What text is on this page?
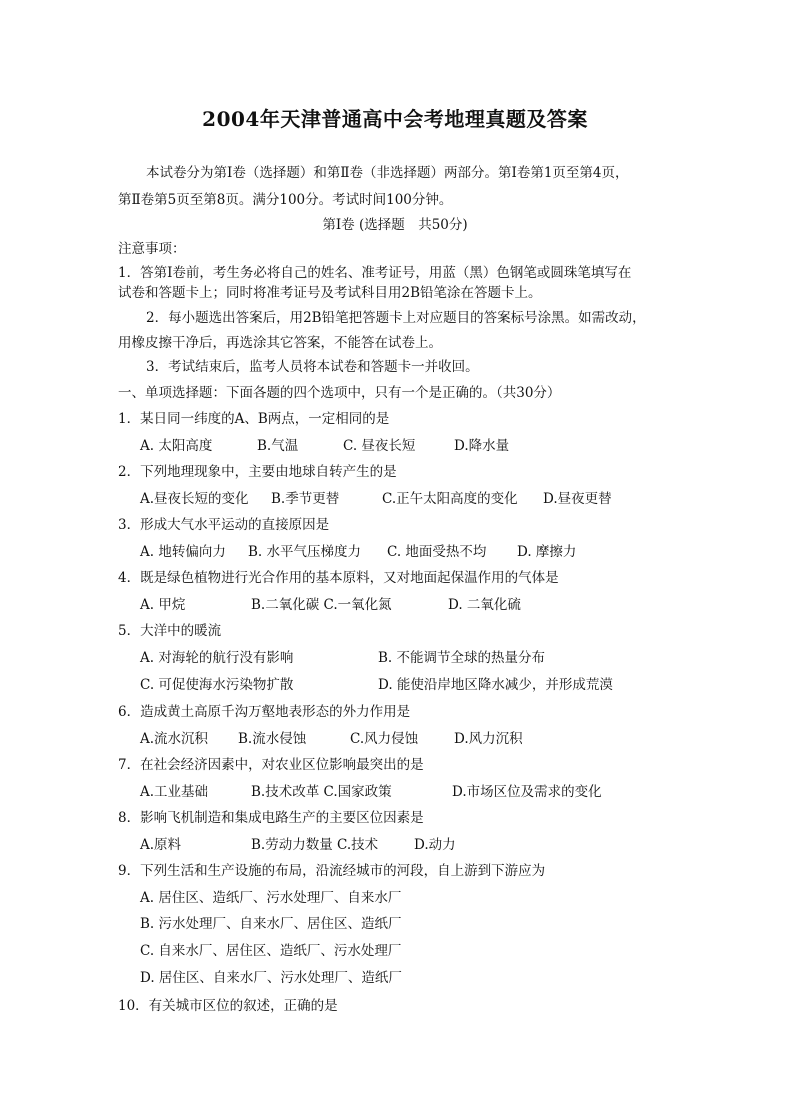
2004年天津普通高中会考地理真题及答案
本试卷分为第Ⅰ卷（选择题）和第Ⅱ卷（非选择题）两部分。第Ⅰ卷第1页至第4页，
第Ⅱ卷第5页至第8页。满分100分。考试时间100分钟。
第Ⅰ卷 (选择题　共50分)
注意事项：
1．答第Ⅰ卷前，考生务必将自己的姓名、准考证号，用蓝（黑）色钢笔或圆珠笔填写在
试卷和答题卡上；同时将准考证号及考试科目用2B铅笔涂在答题卡上。
2．每小题选出答案后，用2B铅笔把答题卡上对应题目的答案标号涂黑。如需改动，
用橡皮擦干净后，再选涂其它答案，不能答在试卷上。
3．考试结束后，监考人员将本试卷和答题卡一并收回。
一、单项选择题：下面各题的四个选项中，只有一个是正确的。（共30分）
1．某日同一纬度的A、B两点，一定相同的是
A. 太阳高度	B.气温	C. 昼夜长短	D.降水量
2．下列地理现象中，主要由地球自转产生的是
A.昼夜长短的变化 B.季节更替	C.正午太阳高度的变化 D.昼夜更替
3．形成大气水平运动的直接原因是
A. 地转偏向力 B. 水平气压梯度力 C. 地面受热不均 D. 摩擦力
4．既是绿色植物进行光合作用的基本原料，又对地面起保温作用的气体是
A. 甲烷	B.二氧化碳 C.一氧化氮	D. 二氧化硫
5．大洋中的暖流
A. 对海轮的航行没有影响	B. 不能调节全球的热量分布
C. 可促使海水污染物扩散	D. 能使沿岸地区降水减少，并形成荒漠
6．造成黄土高原千沟万壑地表形态的外力作用是
A.流水沉积 B.流水侵蚀	C.风力侵蚀	D.风力沉积
7．在社会经济因素中，对农业区位影响最突出的是
A.工业基础	B.技术改革 C.国家政策	D.市场区位及需求的变化
8．影响飞机制造和集成电路生产的主要区位因素是
A.原料	B.劳动力数量 C.技术	D.动力
9．下列生活和生产设施的布局，沿流经城市的河段，自上游到下游应为
A. 居住区、造纸厂、污水处理厂、自来水厂
B. 污水处理厂、自来水厂、居住区、造纸厂
C. 自来水厂、居住区、造纸厂、污水处理厂
D. 居住区、自来水厂、污水处理厂、造纸厂
10．有关城市区位的叙述，正确的是
